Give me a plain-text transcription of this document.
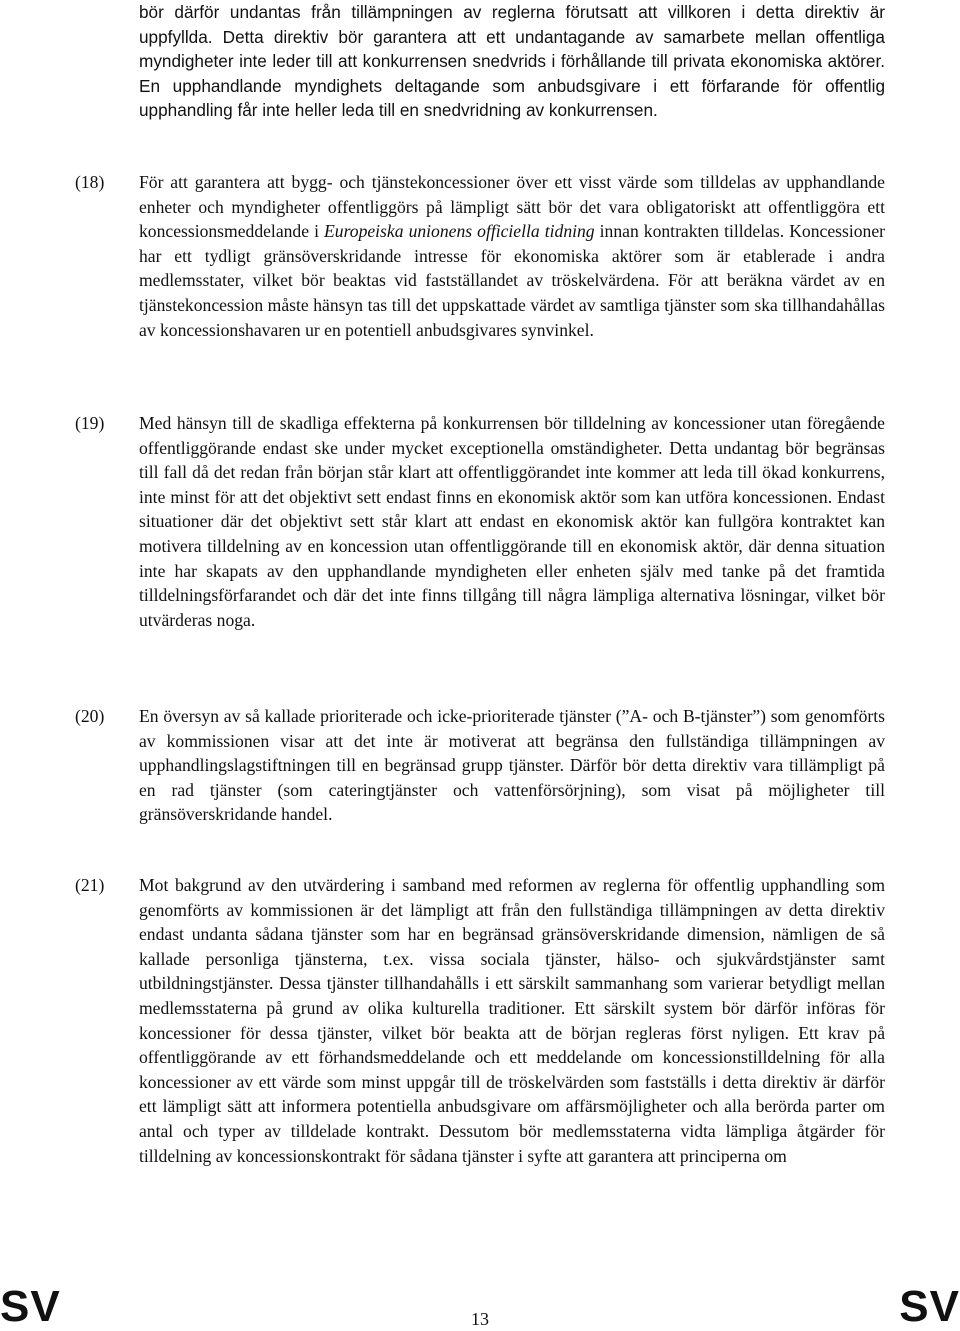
bör därför undantas från tillämpningen av reglerna förutsatt att villkoren i detta direktiv är uppfyllda. Detta direktiv bör garantera att ett undantagande av samarbete mellan offentliga myndigheter inte leder till att konkurrensen snedvrids i förhållande till privata ekonomiska aktörer. En upphandlande myndighets deltagande som anbudsgivare i ett förfarande för offentlig upphandling får inte heller leda till en snedvridning av konkurrensen.

(18) För att garantera att bygg- och tjänstekoncessioner över ett visst värde som tilldelas av upphandlande enheter och myndigheter offentliggörs på lämpligt sätt bör det vara obligatoriskt att offentliggöra ett koncessionsmeddelande i Europeiska unionens officiella tidning innan kontrakten tilldelas. Koncessioner har ett tydligt gränsöverskridande intresse för ekonomiska aktörer som är etablerade i andra medlemsstater, vilket bör beaktas vid fastställandet av tröskelvärdena. För att beräkna värdet av en tjänstekoncession måste hänsyn tas till det uppskattade värdet av samtliga tjänster som ska tillhandahållas av koncessionshavaren ur en potentiell anbudsgivares synvinkel.

(19) Med hänsyn till de skadliga effekterna på konkurrensen bör tilldelning av koncessioner utan föregående offentliggörande endast ske under mycket exceptionella omständigheter. Detta undantag bör begränsas till fall då det redan från början står klart att offentliggörandet inte kommer att leda till ökad konkurrens, inte minst för att det objektivt sett endast finns en ekonomisk aktör som kan utföra koncessionen. Endast situationer där det objektivt sett står klart att endast en ekonomisk aktör kan fullgöra kontraktet kan motivera tilldelning av en koncession utan offentliggörande till en ekonomisk aktör, där denna situation inte har skapats av den upphandlande myndigheten eller enheten själv med tanke på det framtida tilldelningsförfarandet och där det inte finns tillgång till några lämpliga alternativa lösningar, vilket bör utvärderas noga.

(20) En översyn av så kallade prioriterade och icke-prioriterade tjänster (”A- och B-tjänster”) som genomförts av kommissionen visar att det inte är motiverat att begränsa den fullständiga tillämpningen av upphandlingslagstiftningen till en begränsad grupp tjänster. Därför bör detta direktiv vara tillämpligt på en rad tjänster (som cateringtjänster och vattenförsörjning), som visat på möjligheter till gränsöverskridande handel.

(21) Mot bakgrund av den utvärdering i samband med reformen av reglerna för offentlig upphandling som genomförts av kommissionen är det lämpligt att från den fullständiga tillämpningen av detta direktiv endast undanta sådana tjänster som har en begränsad gränsöverskridande dimension, nämligen de så kallade personliga tjänsterna, t.ex. vissa sociala tjänster, hälso- och sjukvårdstjänster samt utbildningstjänster. Dessa tjänster tillhandahålls i ett särskilt sammanhang som varierar betydligt mellan medlemsstaterna på grund av olika kulturella traditioner. Ett särskilt system bör därför införas för koncessioner för dessa tjänster, vilket bör beakta att de början regleras först nyligen. Ett krav på offentliggörande av ett förhandsmeddelande och ett meddelande om koncessionstilldelning för alla koncessioner av ett värde som minst uppgår till de tröskelvärden som fastställs i detta direktiv är därför ett lämpligt sätt att informera potentiella anbudsgivare om affärsmöjligheter och alla berörda parter om antal och typer av tilldelade kontrakt. Dessutom bör medlemsstaterna vidta lämpliga åtgärder för tilldelning av koncessionskontrakt för sådana tjänster i syfte att garantera att principerna om

SV	13	SV
